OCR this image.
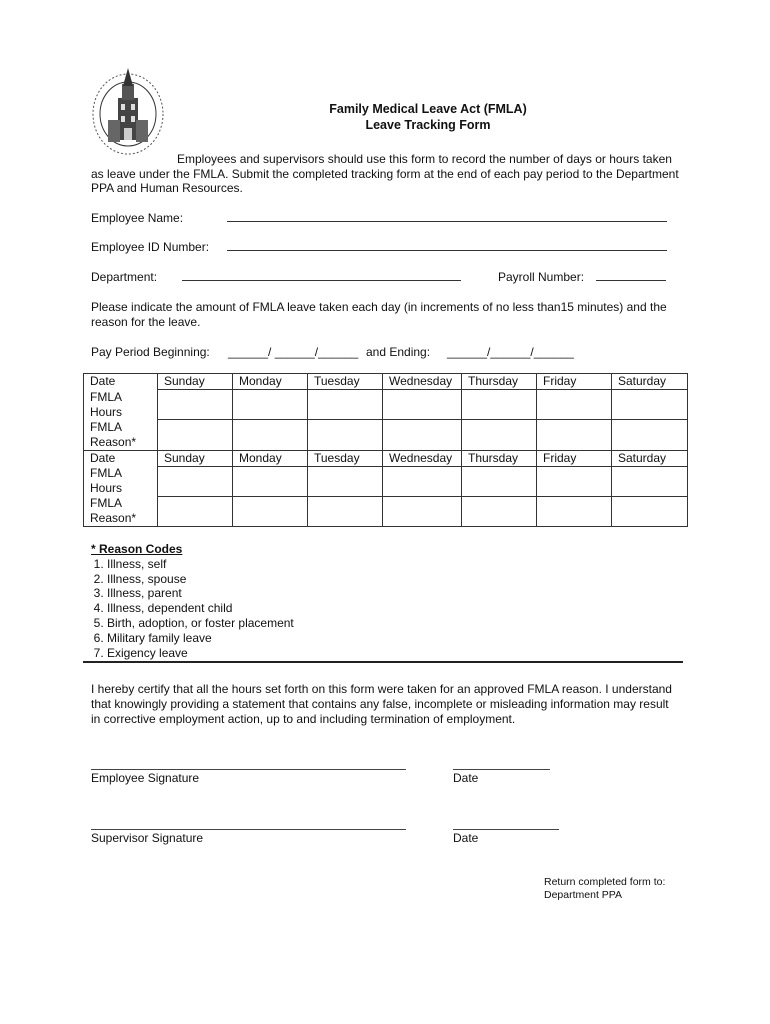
Family Medical Leave Act (FMLA)
Leave Tracking Form
Employees and supervisors should use this form to record the number of days or hours taken as leave under the FMLA. Submit the completed tracking form at the end of each pay period to the Department PPA and Human Resources.
Employee Name:
Employee ID Number:
Department:	Payroll Number:
Please indicate the amount of FMLA leave taken each day (in increments of no less than15 minutes) and the reason for the leave.
Pay Period Beginning: ______/ ______/______ and Ending: ______/______/______
Date	Sunday	Monday	Tuesday	Wednesday	Thursday	Friday	Saturday
FMLA Hours							
FMLA Reason*							
Date	Sunday	Monday	Tuesday	Wednesday	Thursday	Friday	Saturday
FMLA Hours							
FMLA Reason*							
* Reason Codes
1. Illness, self
2. Illness, spouse
3. Illness, parent
4. Illness, dependent child
5. Birth, adoption, or foster placement
6. Military family leave
7. Exigency leave
I hereby certify that all the hours set forth on this form were taken for an approved FMLA reason. I understand that knowingly providing a statement that contains any false, incomplete or misleading information may result in corrective employment action, up to and including termination of employment.
Employee Signature	Date
Supervisor Signature	Date
Return completed form to:
Department PPA
